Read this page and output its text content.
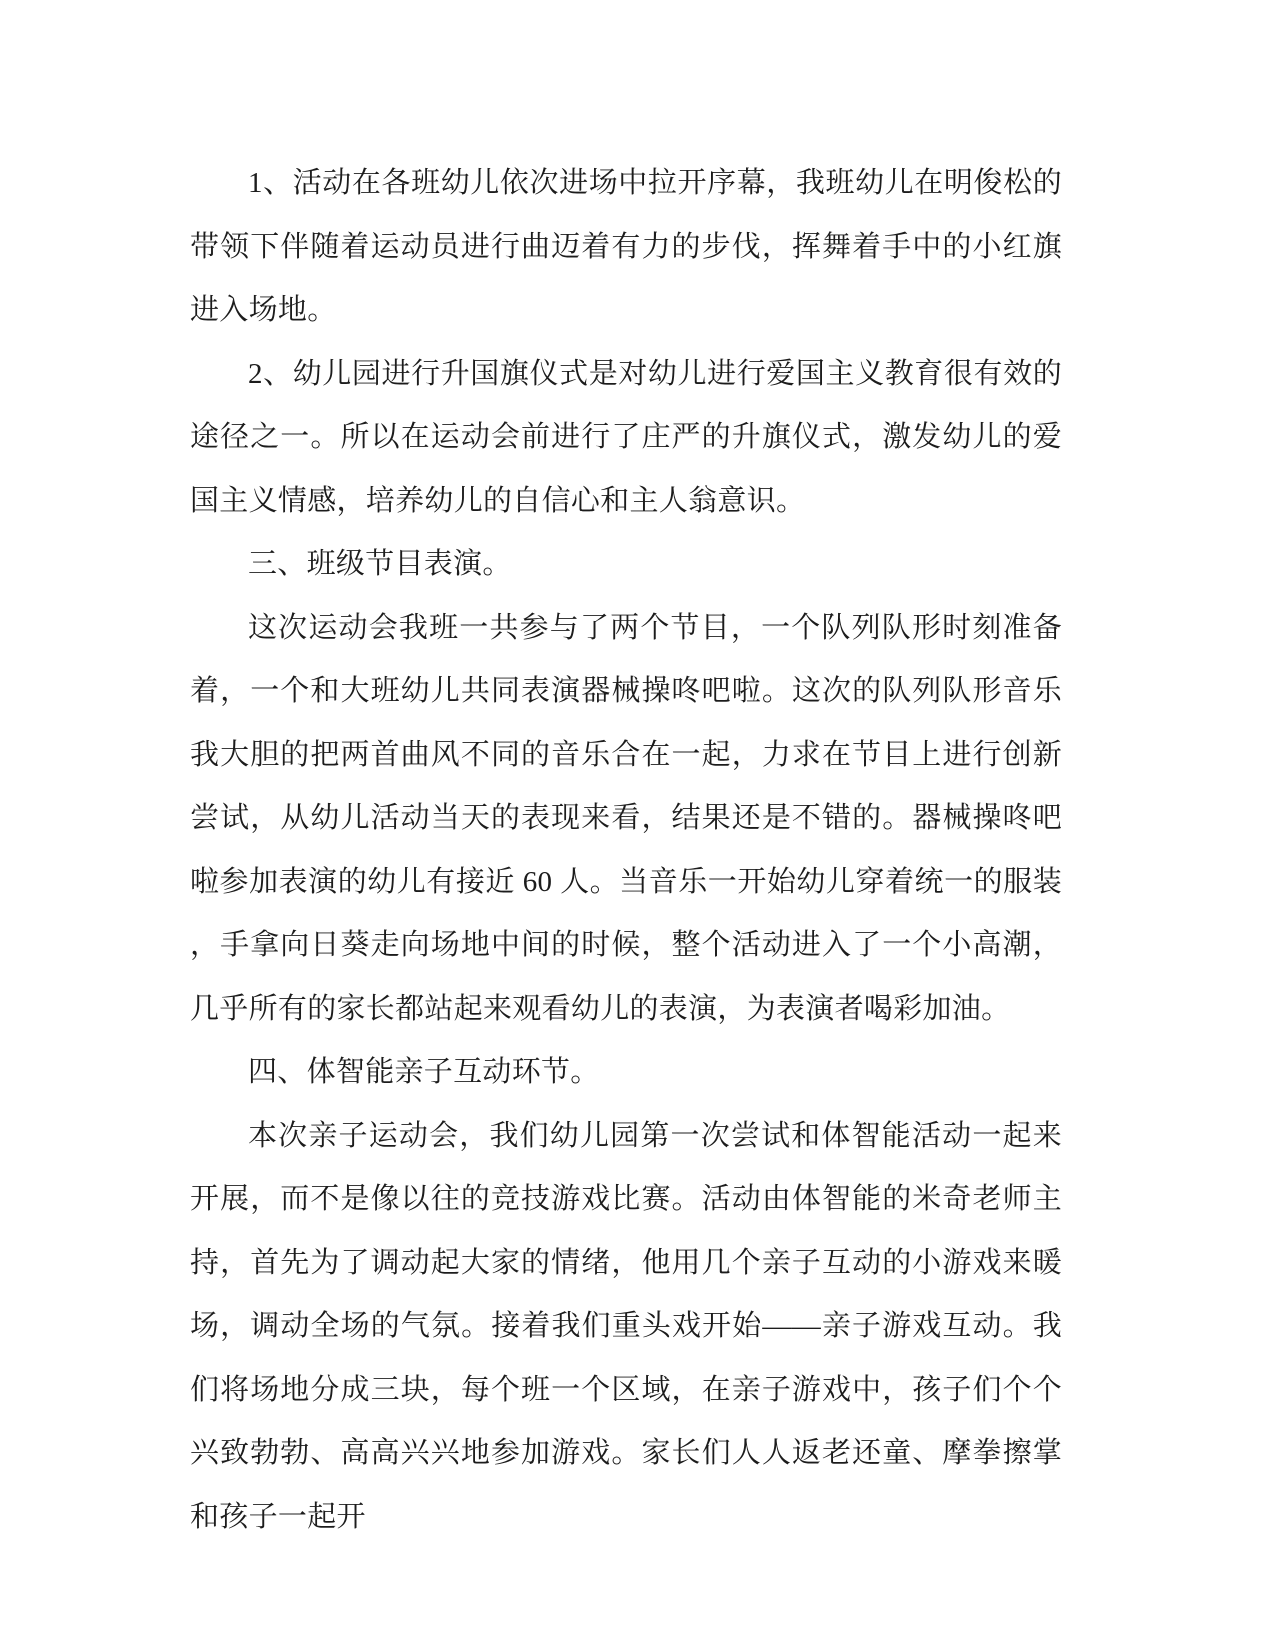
1、活动在各班幼儿依次进场中拉开序幕，我班幼儿在明俊松的带领下伴随着运动员进行曲迈着有力的步伐，挥舞着手中的小红旗进入场地。

2、幼儿园进行升国旗仪式是对幼儿进行爱国主义教育很有效的途径之一。所以在运动会前进行了庄严的升旗仪式，激发幼儿的爱国主义情感，培养幼儿的自信心和主人翁意识。

三、班级节目表演。

这次运动会我班一共参与了两个节目，一个队列队形时刻准备着，一个和大班幼儿共同表演器械操咚吧啦。这次的队列队形音乐我大胆的把两首曲风不同的音乐合在一起，力求在节目上进行创新尝试，从幼儿活动当天的表现来看，结果还是不错的。器械操咚吧啦参加表演的幼儿有接近 60 人。当音乐一开始幼儿穿着统一的服装，手拿向日葵走向场地中间的时候，整个活动进入了一个小高潮，几乎所有的家长都站起来观看幼儿的表演，为表演者喝彩加油。

四、体智能亲子互动环节。

本次亲子运动会，我们幼儿园第一次尝试和体智能活动一起来开展，而不是像以往的竞技游戏比赛。活动由体智能的米奇老师主持，首先为了调动起大家的情绪，他用几个亲子互动的小游戏来暖场，调动全场的气氛。接着我们重头戏开始——亲子游戏互动。我们将场地分成三块，每个班一个区域，在亲子游戏中，孩子们个个兴致勃勃、高高兴兴地参加游戏。家长们人人返老还童、摩拳擦掌和孩子一起开
